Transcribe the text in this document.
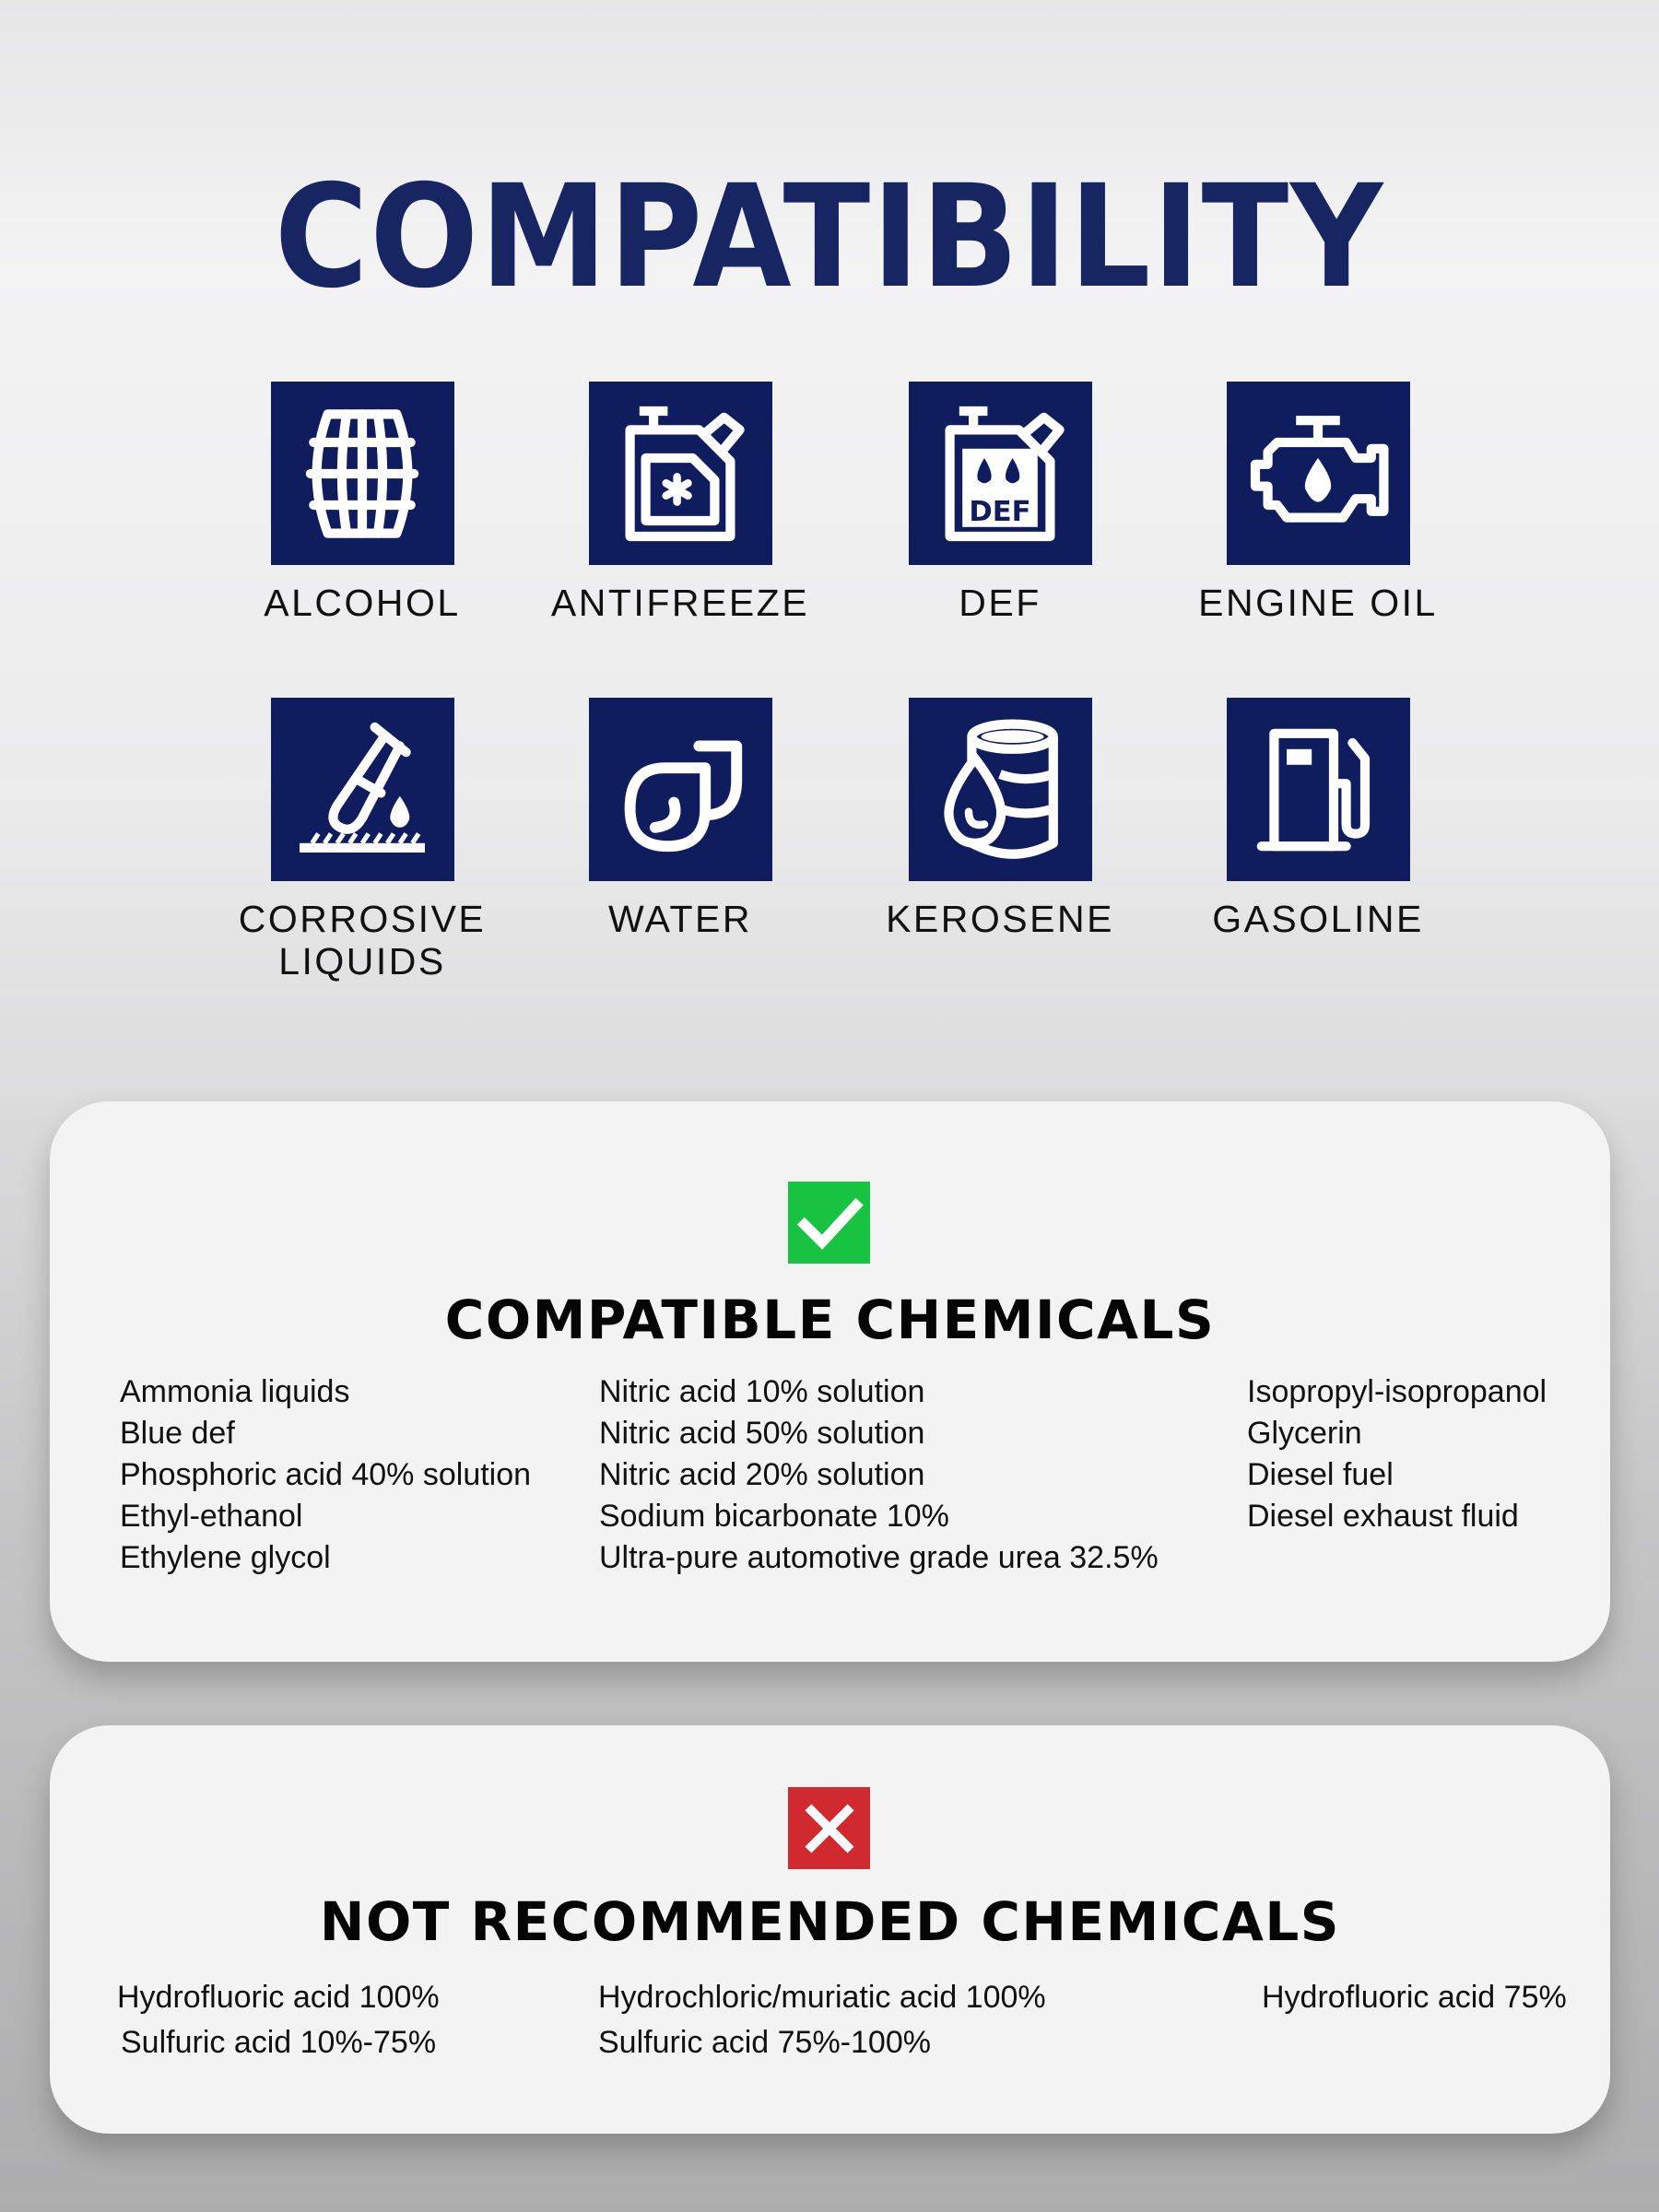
COMPATIBILITY
ALCOHOL	ANTIFREEZE
DEF
DEF	ENGINE OIL
CORROSIVE
LIQUIDS
WATER	KEROSENE	GASOLINE
COMPATIBLE CHEMICALS
Ammonia liquids
Blue def
Phosphoric acid 40% solution
Ethyl-ethanol
Ethylene glycol
Nitric acid 10% solution
Nitric acid 50% solution
Nitric acid 20% solution
Sodium bicarbonate 10%
Ultra-pure automotive grade urea 32.5%
Isopropyl-isopropanol
Glycerin
Diesel fuel
Diesel exhaust fluid
NOT RECOMMENDED CHEMICALS
Hydrofluoric acid 100%
Sulfuric acid 10%-75%
Hydrochloric/muriatic acid 100%
Sulfuric acid 75%-100%
Hydrofluoric acid 75%
